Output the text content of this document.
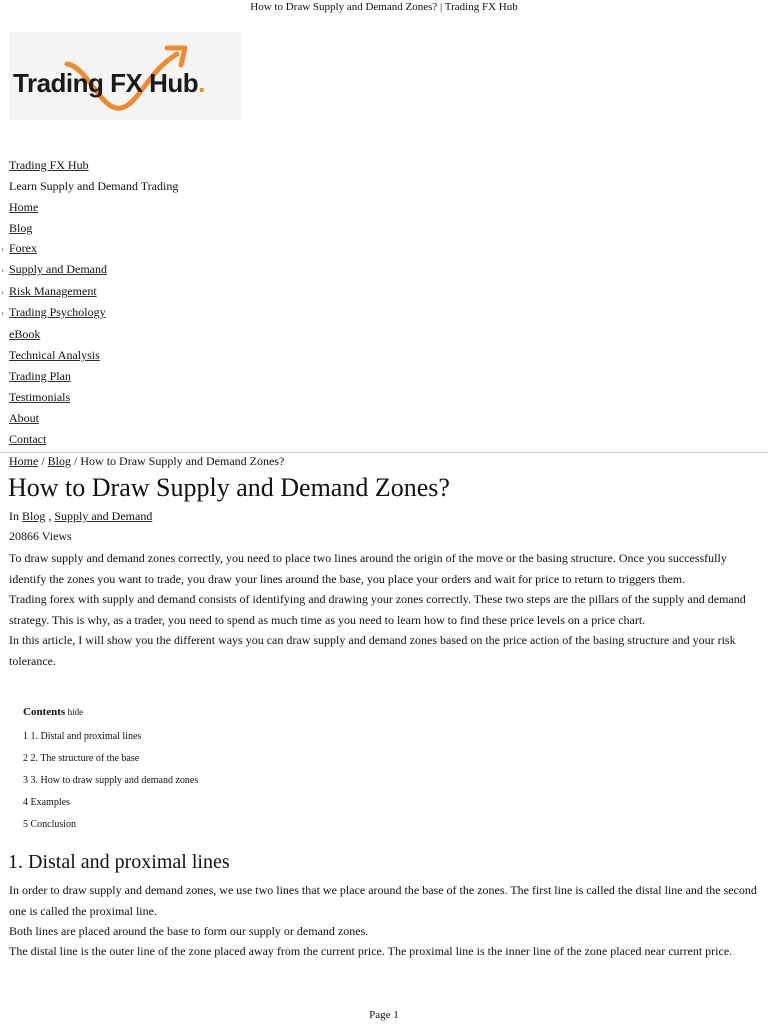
How to Draw Supply and Demand Zones? | Trading FX Hub
Trading FX Hub.
Trading FX Hub
Learn Supply and Demand Trading
Home
Blog
› Forex
› Supply and Demand
› Risk Management
› Trading Psychology
eBook
Technical Analysis
Trading Plan
Testimonials
About
Contact
Home / Blog / How to Draw Supply and Demand Zones?
How to Draw Supply and Demand Zones?
In Blog , Supply and Demand
20866 Views

To draw supply and demand zones correctly, you need to place two lines around the origin of the move or the basing structure. Once you successfully identify the zones you want to trade, you draw your lines around the base, you place your orders and wait for price to return to triggers them.

Trading forex with supply and demand consists of identifying and drawing your zones correctly. These two steps are the pillars of the supply and demand strategy. This is why, as a trader, you need to spend as much time as you need to learn how to find these price levels on a price chart.

In this article, I will show you the different ways you can draw supply and demand zones based on the price action of the basing structure and your risk tolerance.

Contents hide
1 1. Distal and proximal lines
2 2. The structure of the base
3 3. How to draw supply and demand zones
4 Examples
5 Conclusion
1. Distal and proximal lines

In order to draw supply and demand zones, we use two lines that we place around the base of the zones. The first line is called the distal line and the second one is called the proximal line.

Both lines are placed around the base to form our supply or demand zones.

The distal line is the outer line of the zone placed away from the current price. The proximal line is the inner line of the zone placed near current price.

Page 1
